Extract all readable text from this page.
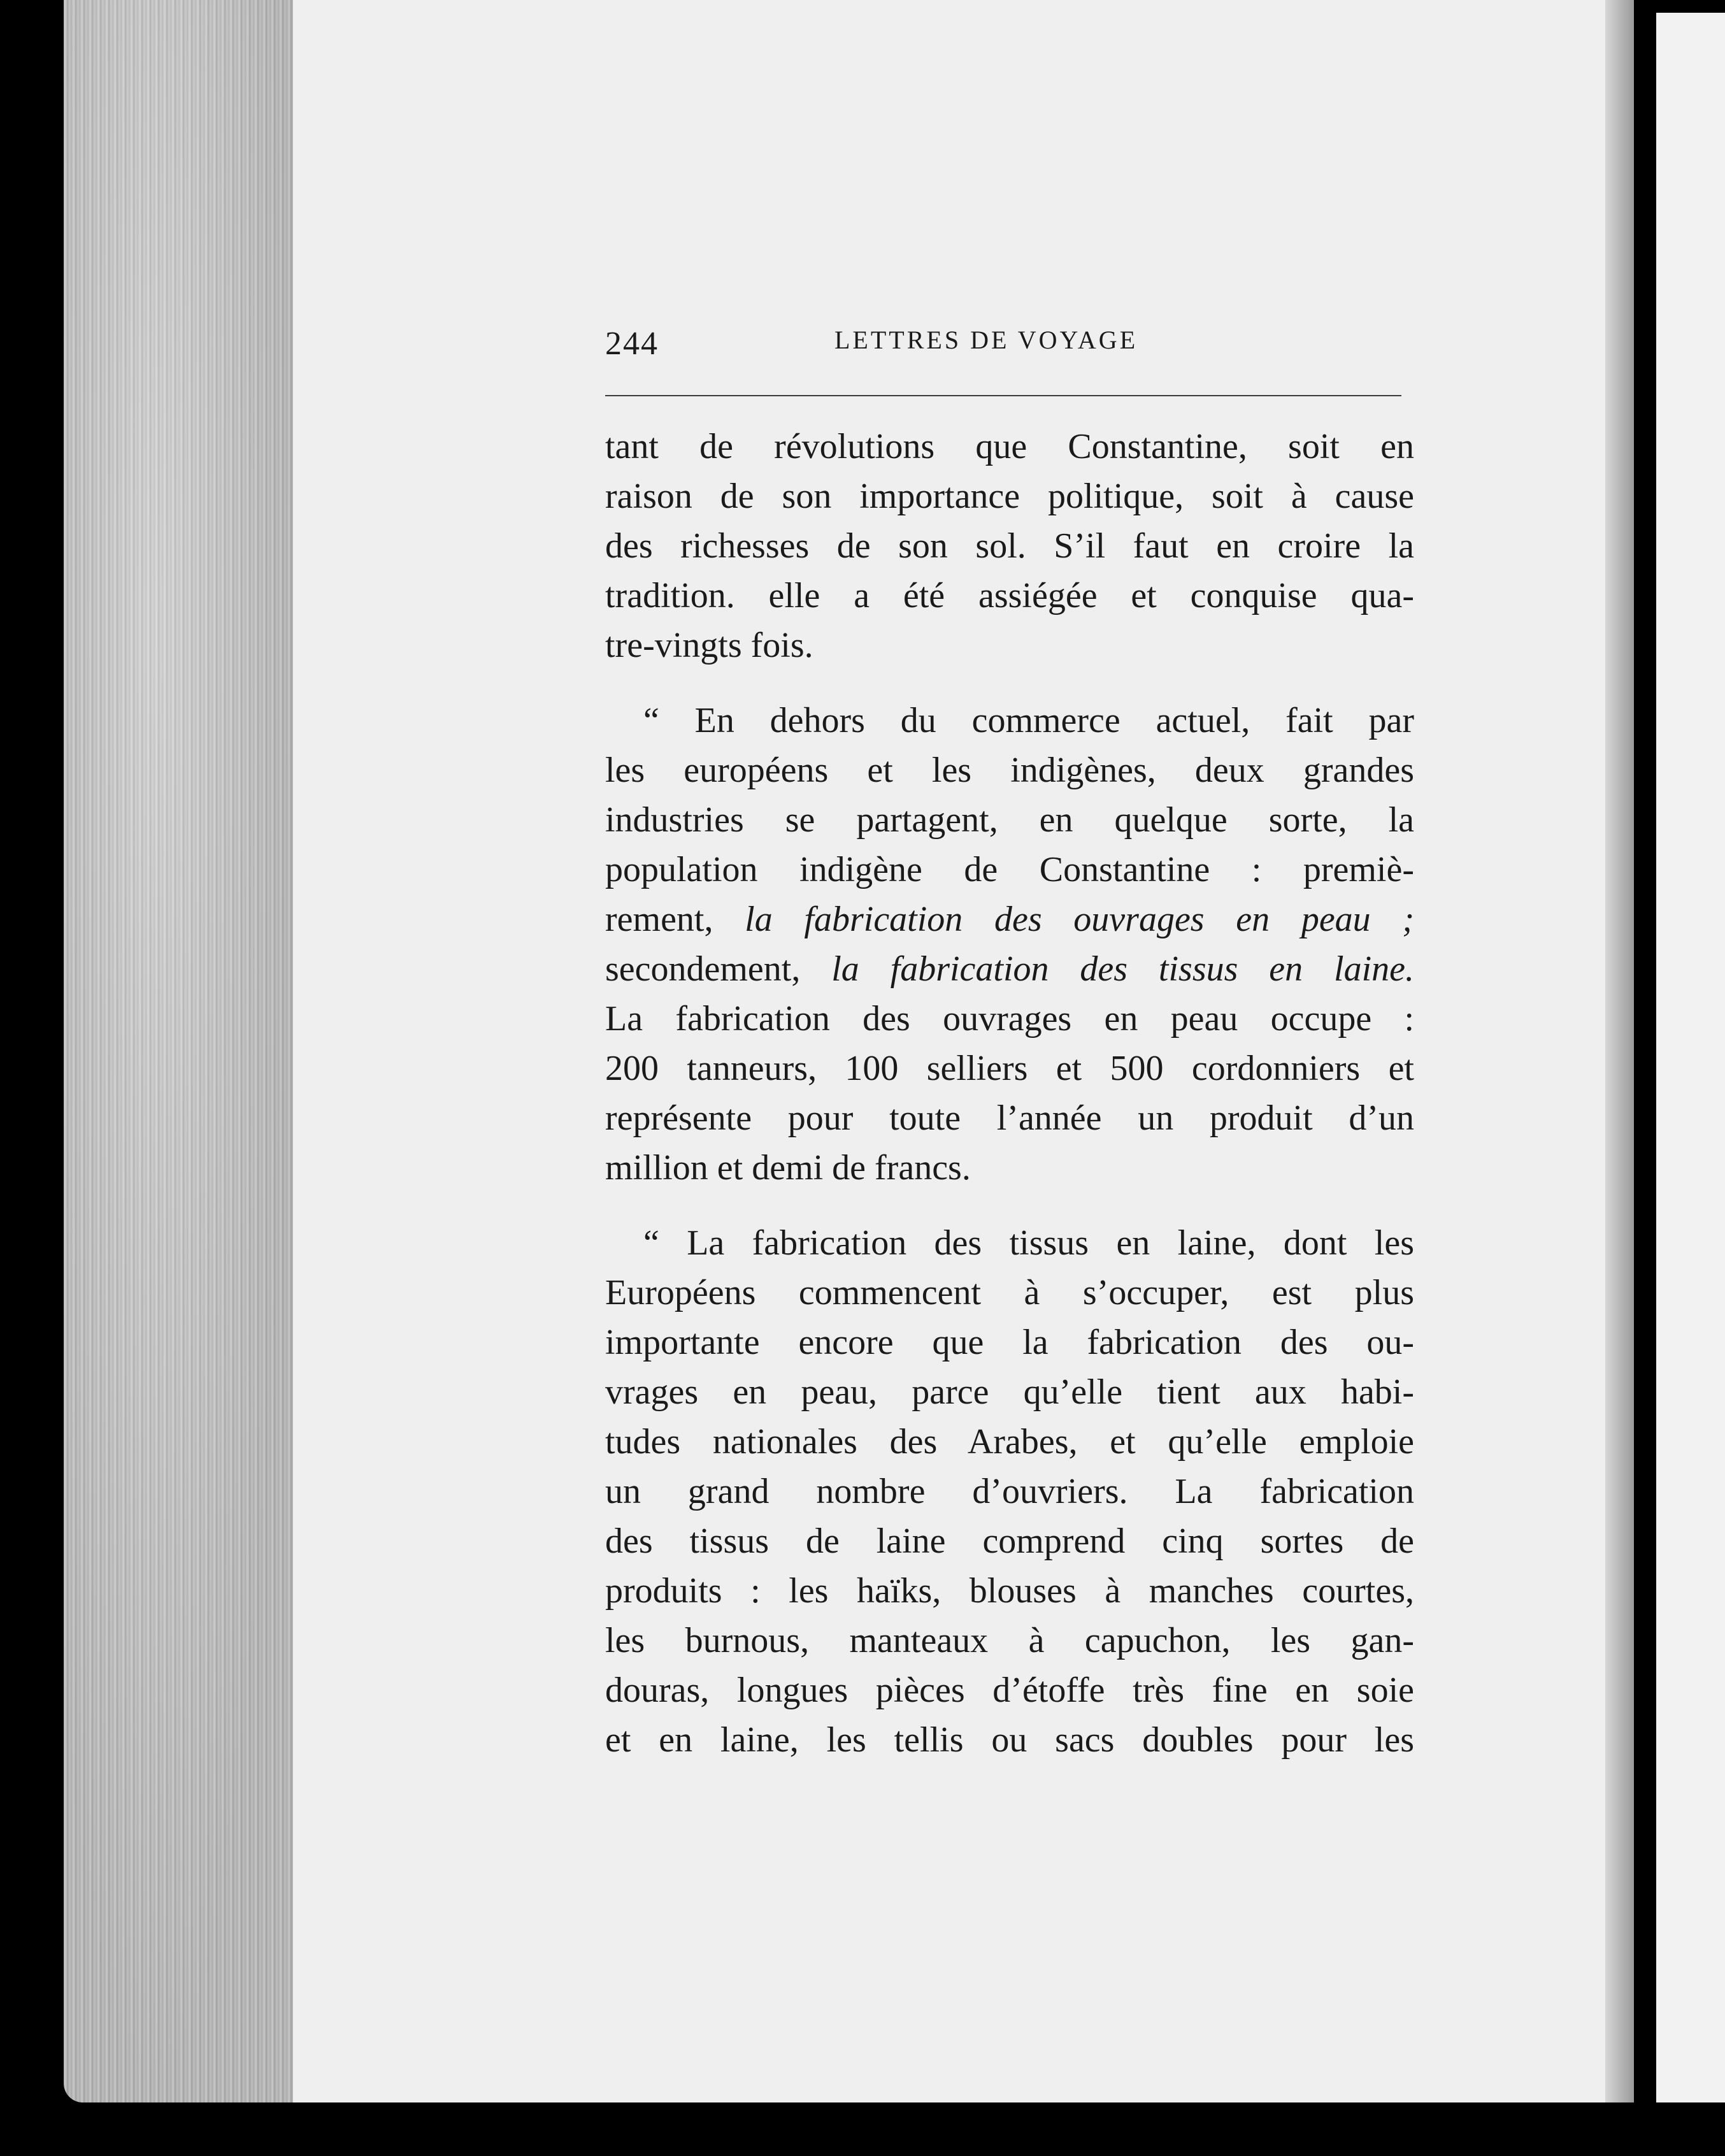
244	LETTRES DE VOYAGE

tant de révolutions que Constantine, soit en
raison de son importance politique, soit à cause
des richesses de son sol. S’il faut en croire la
tradition. elle a été assiégée et conquise qua-
tre-vingts fois.

“ En dehors du commerce actuel, fait par
les européens et les indigènes, deux grandes
industries se partagent, en quelque sorte, la
population indigène de Constantine : premiè-
rement, la fabrication des ouvrages en peau ;
secondement, la fabrication des tissus en laine.
La fabrication des ouvrages en peau occupe :
200 tanneurs, 100 selliers et 500 cordonniers et
représente pour toute l’année un produit d’un
million et demi de francs.

“ La fabrication des tissus en laine, dont les
Européens commencent à s’occuper, est plus
importante encore que la fabrication des ou-
vrages en peau, parce qu’elle tient aux habi-
tudes nationales des Arabes, et qu’elle emploie
un grand nombre d’ouvriers. La fabrication
des tissus de laine comprend cinq sortes de
produits : les haïks, blouses à manches courtes,
les burnous, manteaux à capuchon, les gan-
douras, longues pièces d’étoffe très fine en soie
et en laine, les tellis ou sacs doubles pour les
